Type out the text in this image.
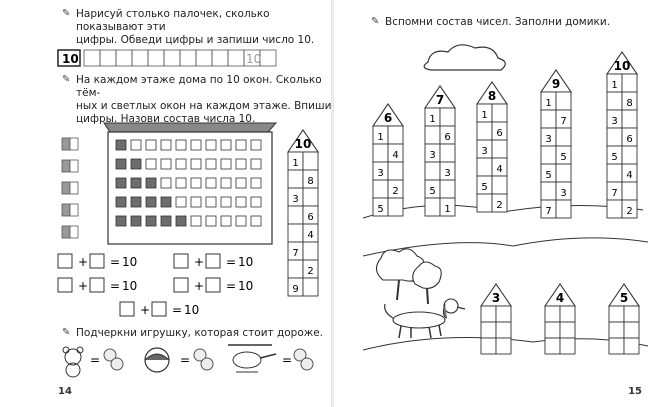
✎ Нарисуй столько палочек, сколько показывают эти
цифры. Обведи цифры и запиши число 10.
10	10
10
1
8
3
6
4
7
2
9
+ = 10	+ = 10
+ = 10	+ = 10
+ = 10
=	=	=
✎ На каждом этаже дома по 10 окон. Сколько тём-
ных и светлых окон на каждом этаже. Впиши
цифры. Назови состав числа 10.
✎ Подчеркни игрушку, которая стоит дороже.
14
✎ Вспомни состав чисел. Заполни домики.
6
1
4
3
2
5
7
1
6
3
3
5
1
8
1
6
3
4
5
2
9
1
7
3
5
5
3
7
10
1
8
3
6
5
4
7
2
3	4	5
15
